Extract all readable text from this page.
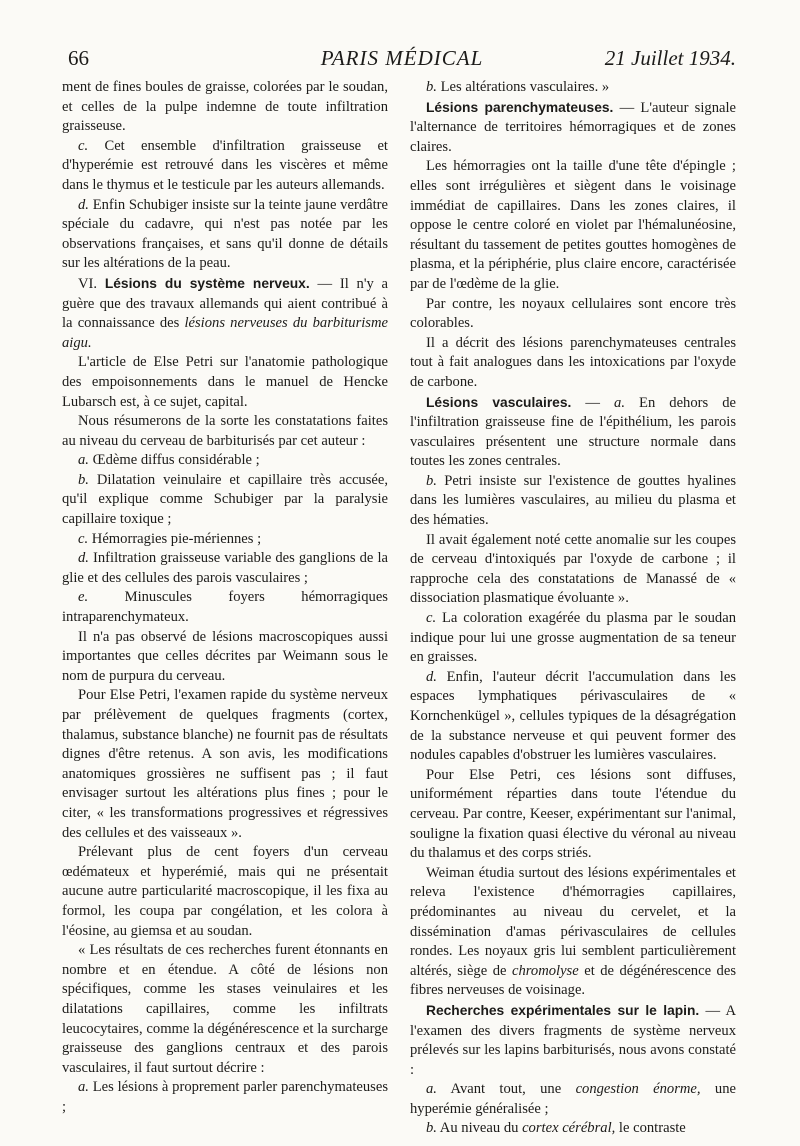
66	PARIS MÉDICAL	21 Juillet 1934.

ment de fines boules de graisse, colorées par le soudan, et celles de la pulpe indemne de toute infiltration graisseuse.

c. Cet ensemble d'infiltration graisseuse et d'hyperémie est retrouvé dans les viscères et même dans le thymus et le testicule par les auteurs allemands.

d. Enfin Schubiger insiste sur la teinte jaune verdâtre spéciale du cadavre, qui n'est pas notée par les observations françaises, et sans qu'il donne de détails sur les altérations de la peau.

VI. Lésions du système nerveux. — Il n'y a guère que des travaux allemands qui aient contribué à la connaissance des lésions nerveuses du barbiturisme aigu.

L'article de Else Petri sur l'anatomie pathologique des empoisonnements dans le manuel de Hencke Lubarsch est, à ce sujet, capital.

Nous résumerons de la sorte les constatations faites au niveau du cerveau de barbiturisés par cet auteur :

a. Œdème diffus considérable ;

b. Dilatation veinulaire et capillaire très accusée, qu'il explique comme Schubiger par la paralysie capillaire toxique ;

c. Hémorragies pie-mériennes ;

d. Infiltration graisseuse variable des ganglions de la glie et des cellules des parois vasculaires ;

e. Minuscules foyers hémorragiques intraparenchymateux.

Il n'a pas observé de lésions macroscopiques aussi importantes que celles décrites par Weimann sous le nom de purpura du cerveau.

Pour Else Petri, l'examen rapide du système nerveux par prélèvement de quelques fragments (cortex, thalamus, substance blanche) ne fournit pas de résultats dignes d'être retenus. A son avis, les modifications anatomiques grossières ne suffisent pas ; il faut envisager surtout les altérations plus fines ; pour le citer, « les transformations progressives et régressives des cellules et des vaisseaux ».

Prélevant plus de cent foyers d'un cerveau œdémateux et hyperémié, mais qui ne présentait aucune autre particularité macroscopique, il les fixa au formol, les coupa par congélation, et les colora à l'éosine, au giemsa et au soudan.

« Les résultats de ces recherches furent étonnants en nombre et en étendue. A côté de lésions non spécifiques, comme les stases veinulaires et les dilatations capillaires, comme les infiltrats leucocytaires, comme la dégénérescence et la surcharge graisseuse des ganglions centraux et des parois vasculaires, il faut surtout décrire :

a. Les lésions à proprement parler parenchymateuses ;

b. Les altérations vasculaires. »

Lésions parenchymateuses. — L'auteur signale l'alternance de territoires hémorragiques et de zones claires.

Les hémorragies ont la taille d'une tête d'épingle ; elles sont irrégulières et siègent dans le voisinage immédiat de capillaires. Dans les zones claires, il oppose le centre coloré en violet par l'hémalunéosine, résultant du tassement de petites gouttes homogènes de plasma, et la périphérie, plus claire encore, caractérisée par de l'œdème de la glie.

Par contre, les noyaux cellulaires sont encore très colorables.

Il a décrit des lésions parenchymateuses centrales tout à fait analogues dans les intoxications par l'oxyde de carbone.

Lésions vasculaires. — a. En dehors de l'infiltration graisseuse fine de l'épithélium, les parois vasculaires présentent une structure normale dans toutes les zones centrales.

b. Petri insiste sur l'existence de gouttes hyalines dans les lumières vasculaires, au milieu du plasma et des hématies.

Il avait également noté cette anomalie sur les coupes de cerveau d'intoxiqués par l'oxyde de carbone ; il rapproche cela des constatations de Manassé de « dissociation plasmatique évoluante ».

c. La coloration exagérée du plasma par le soudan indique pour lui une grosse augmentation de sa teneur en graisses.

d. Enfin, l'auteur décrit l'accumulation dans les espaces lymphatiques périvasculaires de « Kornchenkügel », cellules typiques de la désagrégation de la substance nerveuse et qui peuvent former des nodules capables d'obstruer les lumières vasculaires.

Pour Else Petri, ces lésions sont diffuses, uniformément réparties dans toute l'étendue du cerveau. Par contre, Keeser, expérimentant sur l'animal, souligne la fixation quasi élective du véronal au niveau du thalamus et des corps striés.

Weiman étudia surtout des lésions expérimentales et releva l'existence d'hémorragies capillaires, prédominantes au niveau du cervelet, et la dissémination d'amas périvasculaires de cellules rondes. Les noyaux gris lui semblent particulièrement altérés, siège de chromolyse et de dégénérescence des fibres nerveuses de voisinage.

Recherches expérimentales sur le lapin. — A l'examen des divers fragments de système nerveux prélevés sur les lapins barbiturisés, nous avons constaté :

a. Avant tout, une congestion énorme, une hyperémie généralisée ;

b. Au niveau du cortex cérébral, le contraste
